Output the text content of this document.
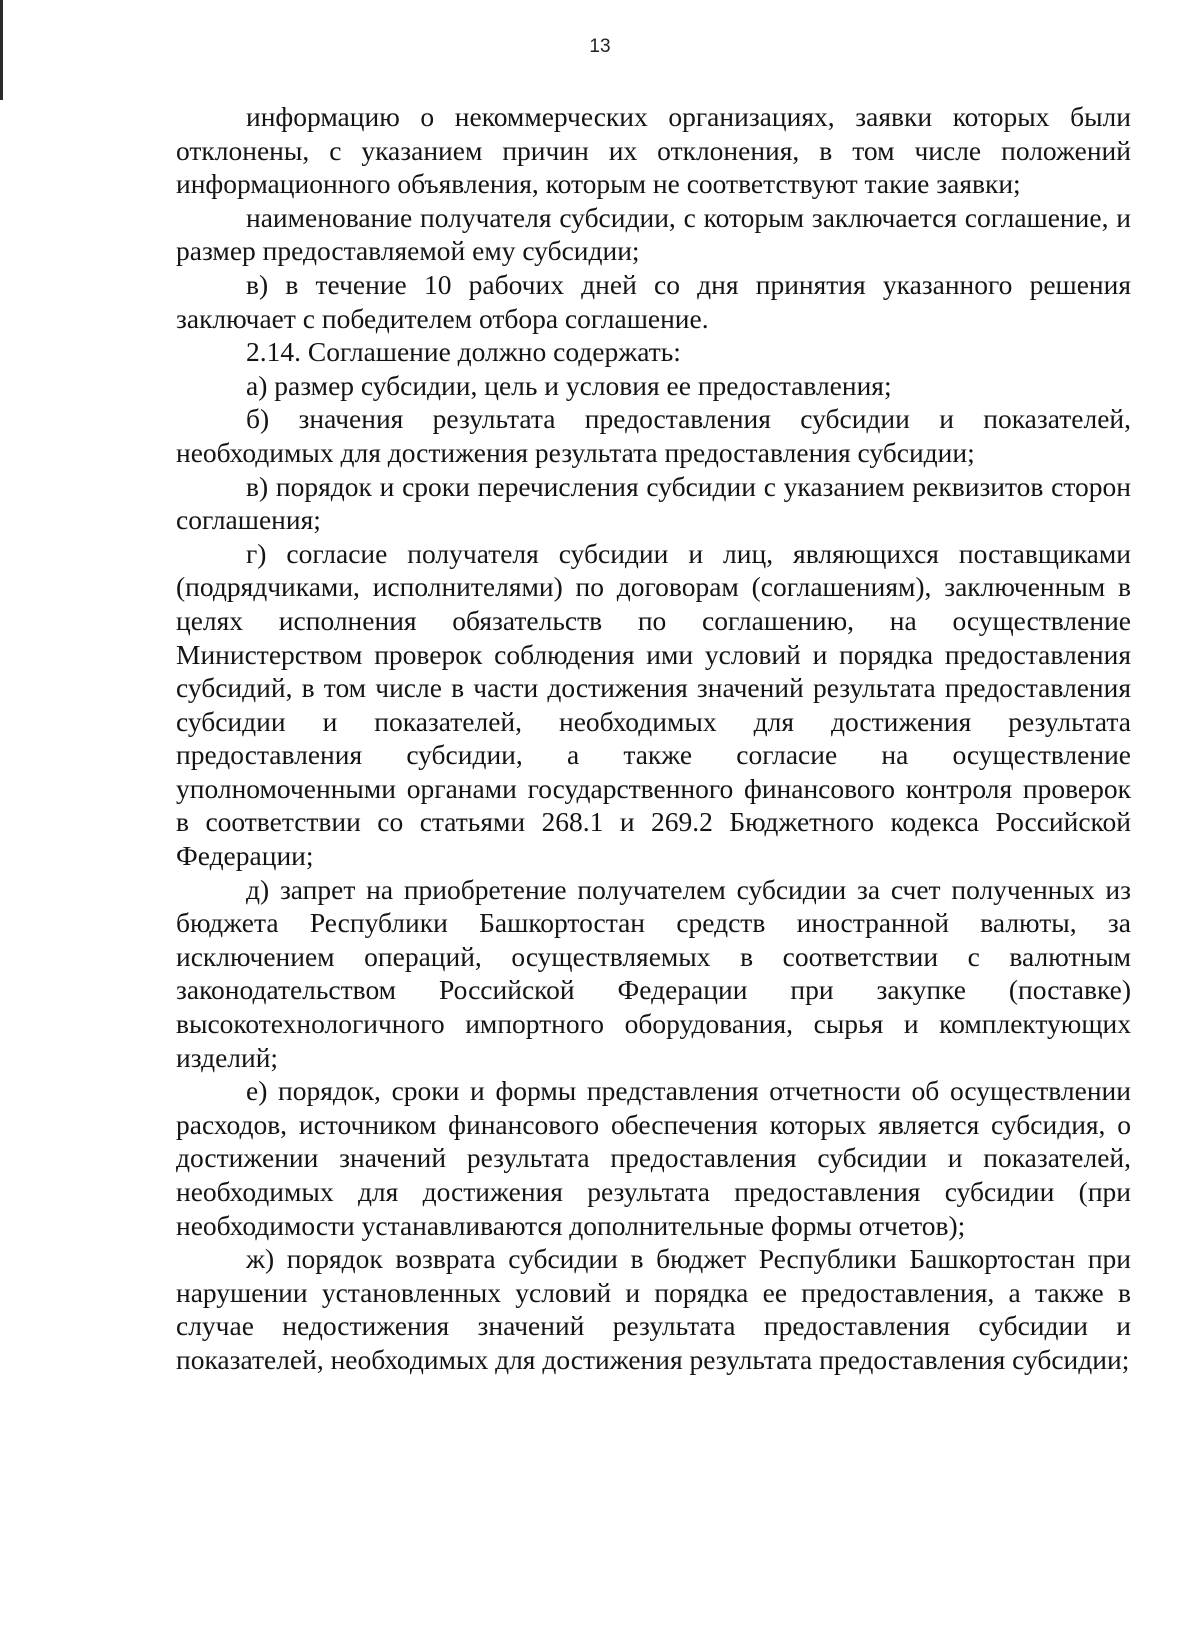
13

информацию о некоммерческих организациях, заявки которых были отклонены, с указанием причин их отклонения, в том числе положений информационного объявления, которым не соответствуют такие заявки;

наименование получателя субсидии, с которым заключается соглашение, и размер предоставляемой ему субсидии;

в) в течение 10 рабочих дней со дня принятия указанного решения заключает с победителем отбора соглашение.

2.14. Соглашение должно содержать:

а) размер субсидии, цель и условия ее предоставления;

б) значения результата предоставления субсидии и показателей, необходимых для достижения результата предоставления субсидии;

в) порядок и сроки перечисления субсидии с указанием реквизитов сторон соглашения;

г) согласие получателя субсидии и лиц, являющихся поставщиками (подрядчиками, исполнителями) по договорам (соглашениям), заключенным в целях исполнения обязательств по соглашению, на осуществление Министерством проверок соблюдения ими условий и порядка предоставления субсидий, в том числе в части достижения значений результата предоставления субсидии и показателей, необходимых для достижения результата предоставления субсидии, а также согласие на осуществление уполномоченными органами государственного финансового контроля проверок в соответствии со статьями 268.1 и 269.2 Бюджетного кодекса Российской Федерации;

д) запрет на приобретение получателем субсидии за счет полученных из бюджета Республики Башкортостан средств иностранной валюты, за исключением операций, осуществляемых в соответствии с валютным законодательством Российской Федерации при закупке (поставке) высокотехнологичного импортного оборудования, сырья и комплектующих изделий;

е) порядок, сроки и формы представления отчетности об осуществлении расходов, источником финансового обеспечения которых является субсидия, о достижении значений результата предоставления субсидии и показателей, необходимых для достижения результата предоставления субсидии (при необходимости устанавливаются дополнительные формы отчетов);

ж) порядок возврата субсидии в бюджет Республики Башкортостан при нарушении установленных условий и порядка ее предоставления, а также в случае недостижения значений результата предоставления субсидии и показателей, необходимых для достижения результата предоставления субсидии;
